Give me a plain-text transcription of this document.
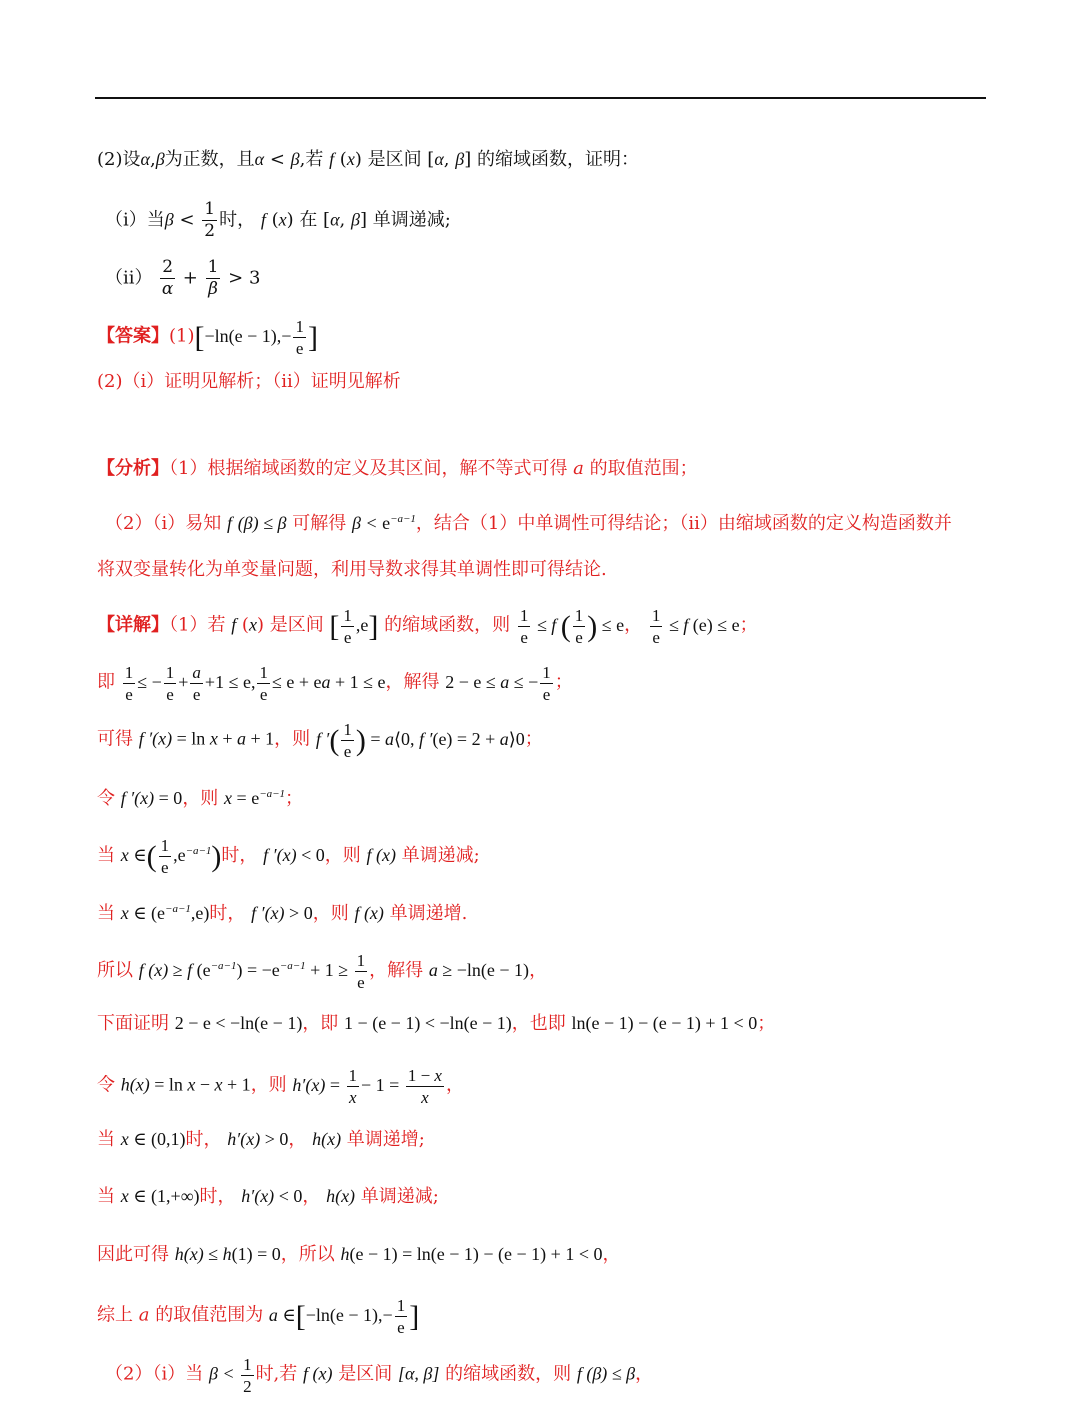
(2)设α,β为正数，且α < β,若 f (x) 是区间 [α, β] 的缩域函数，证明：
（i）当$\beta < \frac{1}{2}$ 时， f (x) 在 [α, β] 单调递减;
$(ii) \frac{2}{\alpha} + \frac{1}{\beta} > 3$
【答案】$(1)[-\ln(e - 1),- \frac{1}{e}$ ]
(2)（i）证明见解析；（ii）证明见解析
【分析】（1）根据缩域函数的定义及其区间，解不等式可得 a 的取值范围；
（2）（i）易知 f (β) ≤ β 可解得 $\beta < e^{-a-1}$，结合（1）中单调性可得结论；（ii）由缩域函数的定义构造函数并
将双变量转化为单变量问题，利用导数求得其单调性即可得结论.
【详解】（1）若 f (x) 是区间 [ $\frac{1}{e} ,e$] 的缩域函数，则 $\frac{1}{e} \le f$ ( $\frac{1}{e}$ ) ≤ e， $\frac{1}{e} \le f$ (e) ≤ e；
即 $\frac{1}{e}$ ≤ − $\frac{1}{e} + \frac{a}{e} +1 \le e$, $\frac{1}{e} \le e$ + ea + 1 ≤ e，解得 2 − e ≤ a ≤ − $\frac{1}{e}$ ；
可得 f ′(x) = ln x + a + 1，则 f ′( $\frac{1}{e}$ ) = a⟨0, f ′(e) = 2 + a⟩0；
令 f ′(x) = 0，则 $x = e^{-a-1}$；
当 x ∈( $\frac{1}{e} ,e^{-a-1}$)时， f ′(x) < 0，则 f (x) 单调递减;
当 x ∈ $(e^{-a-1},e)$时， f ′(x) > 0，则 f (x) 单调递增.
所以 f (x) ≥ f $(e^{-a-1}) = -e^{-a-1} + 1 \ge \frac{1}{e}$ ，解得 a ≥ −ln(e − 1)，
下面证明 2 − e < −ln(e − 1)，即 1 − (e − 1) < −ln(e − 1)，也即 ln(e − 1) − (e − 1) + 1 < 0；
令 h(x) = ln x − x + 1，则 $h'(x) = \frac{1}{x} - 1 = \frac{1 - x}{x}$ ，
当 x ∈ (0,1)时， h′(x) > 0， h(x) 单调递增;
当 x ∈ (1,+∞)时， h′(x) < 0， h(x) 单调递减;
因此可得 h(x) ≤ h(1) = 0，所以 h(e − 1) = ln(e − 1) − (e − 1) + 1 < 0，
综上 a 的取值范围为 a ∈[−ln(e − $1),- \frac{1}{e}$ ]
（2）（i）当 $\beta < \frac{1}{2}$ 时,若 f (x) 是区间 [α, β] 的缩域函数，则 f (β) ≤ β，
